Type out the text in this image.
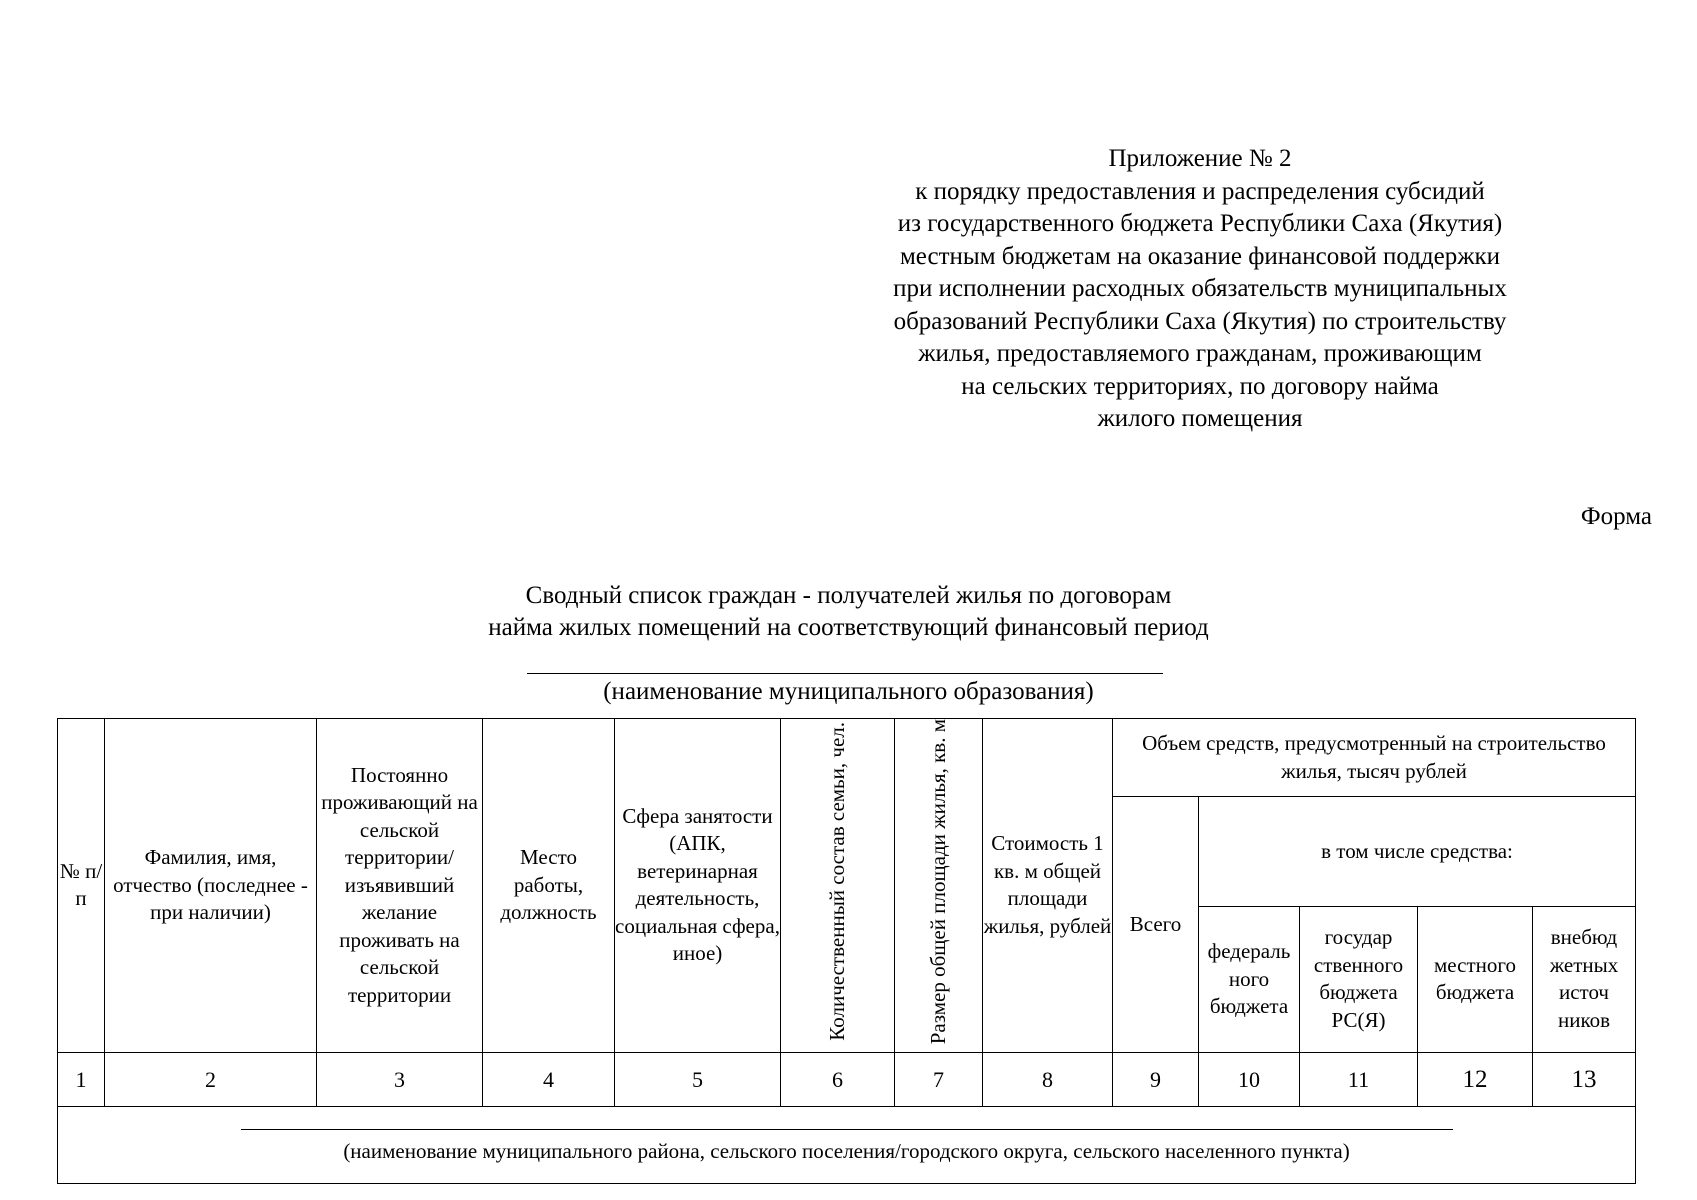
Приложение № 2
к порядку предоставления и распределения субсидий
из государственного бюджета Республики Саха (Якутия)
местным бюджетам на оказание финансовой поддержки
при исполнении расходных обязательств муниципальных
образований Республики Саха (Якутия) по строительству
жилья, предоставляемого гражданам, проживающим
на сельских территориях, по договору найма
жилого помещения
Форма
Сводный список граждан - получателей жилья по договорам
найма жилых помещений на соответствующий финансовый период
(наименование муниципального образования)
№ п/п	Фамилия, имя, отчество (последнее - при наличии)	Постоянно проживающий на сельской территории/ изъявивший желание проживать на сельской территории	Место работы, должность	Сфера занятости (АПК, ветеринарная деятельность, социальная сфера, иное)	Количественный состав семьи, чел.	Размер общей площади жилья, кв. м	Стоимость 1 кв. м общей площади жилья, рублей	Объем средств, предусмотренный на строительство жилья, тысяч рублей				
								Всего	в том числе средства:			
									федераль ного бюджета	государ ственного бюджета РС(Я)	местного бюджета	внебюд жетных источ ников
1	2	3	4	5	6	7	8	9	10	11	12	13

(наименование муниципального района, сельского поселения/городского округа, сельского населенного пункта)												
